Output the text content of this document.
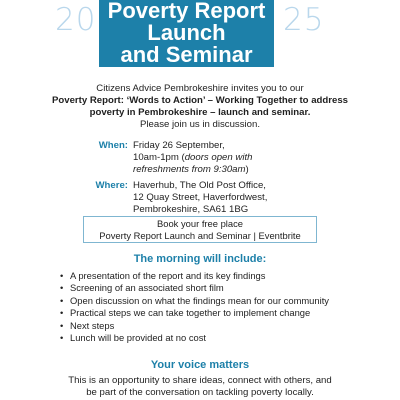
20	25
Poverty Report
Launch
and Seminar
Citizens Advice Pembrokeshire invites you to our
Poverty Report: ‘Words to Action’ – Working Together to address
poverty in Pembrokeshire – launch and seminar.
Please join us in discussion.
When: Friday 26 September,
10am-1pm (doors open with
refreshments from 9:30am)
Where: Haverhub, The Old Post Office,
12 Quay Street, Haverfordwest,
Pembrokeshire, SA61 1BG
Book your free place
Poverty Report Launch and Seminar | Eventbrite
The morning will include:
• A presentation of the report and its key findings
• Screening of an associated short film
• Open discussion on what the findings mean for our community
• Practical steps we can take together to implement change
• Next steps
• Lunch will be provided at no cost
Your voice matters
This is an opportunity to share ideas, connect with others, and
be part of the conversation on tackling poverty locally.
